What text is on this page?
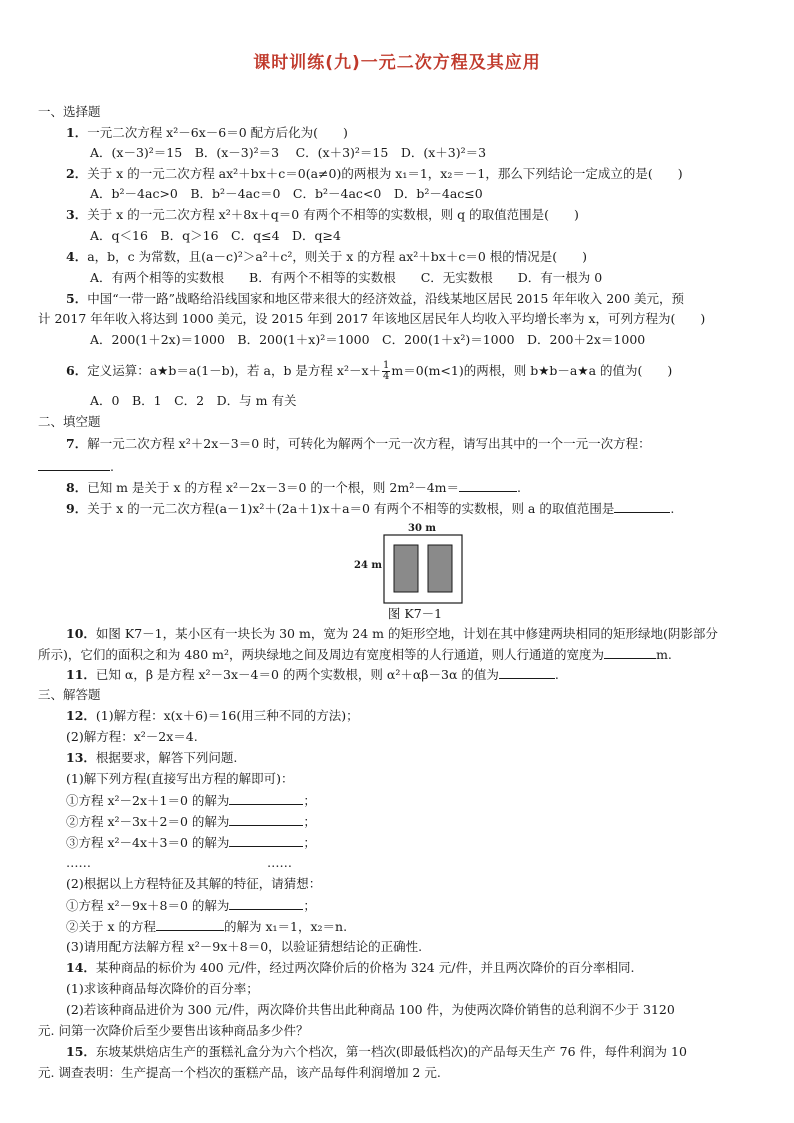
课时训练(九)一元二次方程及其应用
一、选择题
1．一元二次方程 x²－6x－6＝0 配方后化为(　　)
A．(x－3)²＝15　B．(x－3)²＝3　 C．(x＋3)²＝15　D．(x＋3)²＝3
2．关于 x 的一元二次方程 ax²＋bx＋c＝0(a≠0)的两根为 x₁＝1，x₂＝－1，那么下列结论一定成立的是(　　)
A．b²－4ac>0　B．b²－4ac＝0　C．b²－4ac<0　D．b²－4ac≤0
3．关于 x 的一元二次方程 x²＋8x＋q＝0 有两个不相等的实数根，则 q 的取值范围是(　　)
A．q＜16　B．q＞16　C．q≤4　D．q≥4
4．a，b，c 为常数，且(a－c)²＞a²＋c²，则关于 x 的方程 ax²＋bx＋c＝0 根的情况是(　　)
A．有两个相等的实数根　　B．有两个不相等的实数根　　C．无实数根　　D．有一根为 0
5．中国“一带一路”战略给沿线国家和地区带来很大的经济效益，沿线某地区居民 2015 年年收入 200 美元，预
计 2017 年年收入将达到 1000 美元，设 2015 年到 2017 年该地区居民年人均收入平均增长率为 x，可列方程为(　　)
A．200(1＋2x)＝1000　B．200(1＋x)²＝1000　C．200(1＋x²)＝1000　D．200＋2x＝1000
6．定义运算：a★b＝a(1－b)，若 a，b 是方程 $x^2-x+ \frac{1}{4} m=0(m<1)$的两根，则 b★b－a★a 的值为(　　)
A．0　B．1　C．2　D．与 m 有关
二、填空题
7．解一元二次方程 x²＋2x－3＝0 时，可转化为解两个一元一次方程，请写出其中的一个一元一次方程：
.
8．已知 m 是关于 x 的方程 x²－2x－3＝0 的一个根，则 2m²－4m＝	.
9．关于 x 的一元二次方程(a－1)x²＋(2a＋1)x＋a＝0 有两个不相等的实数根，则 a 的取值范围是	.
30 m
24 m
图 K7－1
10．如图 K7－1，某小区有一块长为 30 m，宽为 24 m 的矩形空地，计划在其中修建两块相同的矩形绿地(阴影部分
所示)，它们的面积之和为 480 m²，两块绿地之间及周边有宽度相等的人行通道，则人行通道的宽度为	m.
11．已知 α，β 是方程 x²－3x－4＝0 的两个实数根，则 α²＋αβ－3α 的值为	.
三、解答题
12．(1)解方程：x(x＋6)＝16(用三种不同的方法)；
(2)解方程：x²－2x＝4.
13．根据要求，解答下列问题.
(1)解下列方程(直接写出方程的解即可)：
①方程 x²－2x＋1＝0 的解为	；
②方程 x²－3x＋2＝0 的解为	；
③方程 x²－4x＋3＝0 的解为	；
……	……
(2)根据以上方程特征及其解的特征，请猜想：
①方程 x²－9x＋8＝0 的解为	；
②关于 x 的方程	的解为 x₁＝1，x₂＝n.
(3)请用配方法解方程 x²－9x＋8＝0，以验证猜想结论的正确性.
14．某种商品的标价为 400 元/件，经过两次降价后的价格为 324 元/件，并且两次降价的百分率相同.
(1)求该种商品每次降价的百分率；
(2)若该种商品进价为 300 元/件，两次降价共售出此种商品 100 件，为使两次降价销售的总利润不少于 3120
元. 问第一次降价后至少要售出该种商品多少件？
15．东坡某烘焙店生产的蛋糕礼盒分为六个档次，第一档次(即最低档次)的产品每天生产 76 件，每件利润为 10
元. 调查表明：生产提高一个档次的蛋糕产品，该产品每件利润增加 2 元.
